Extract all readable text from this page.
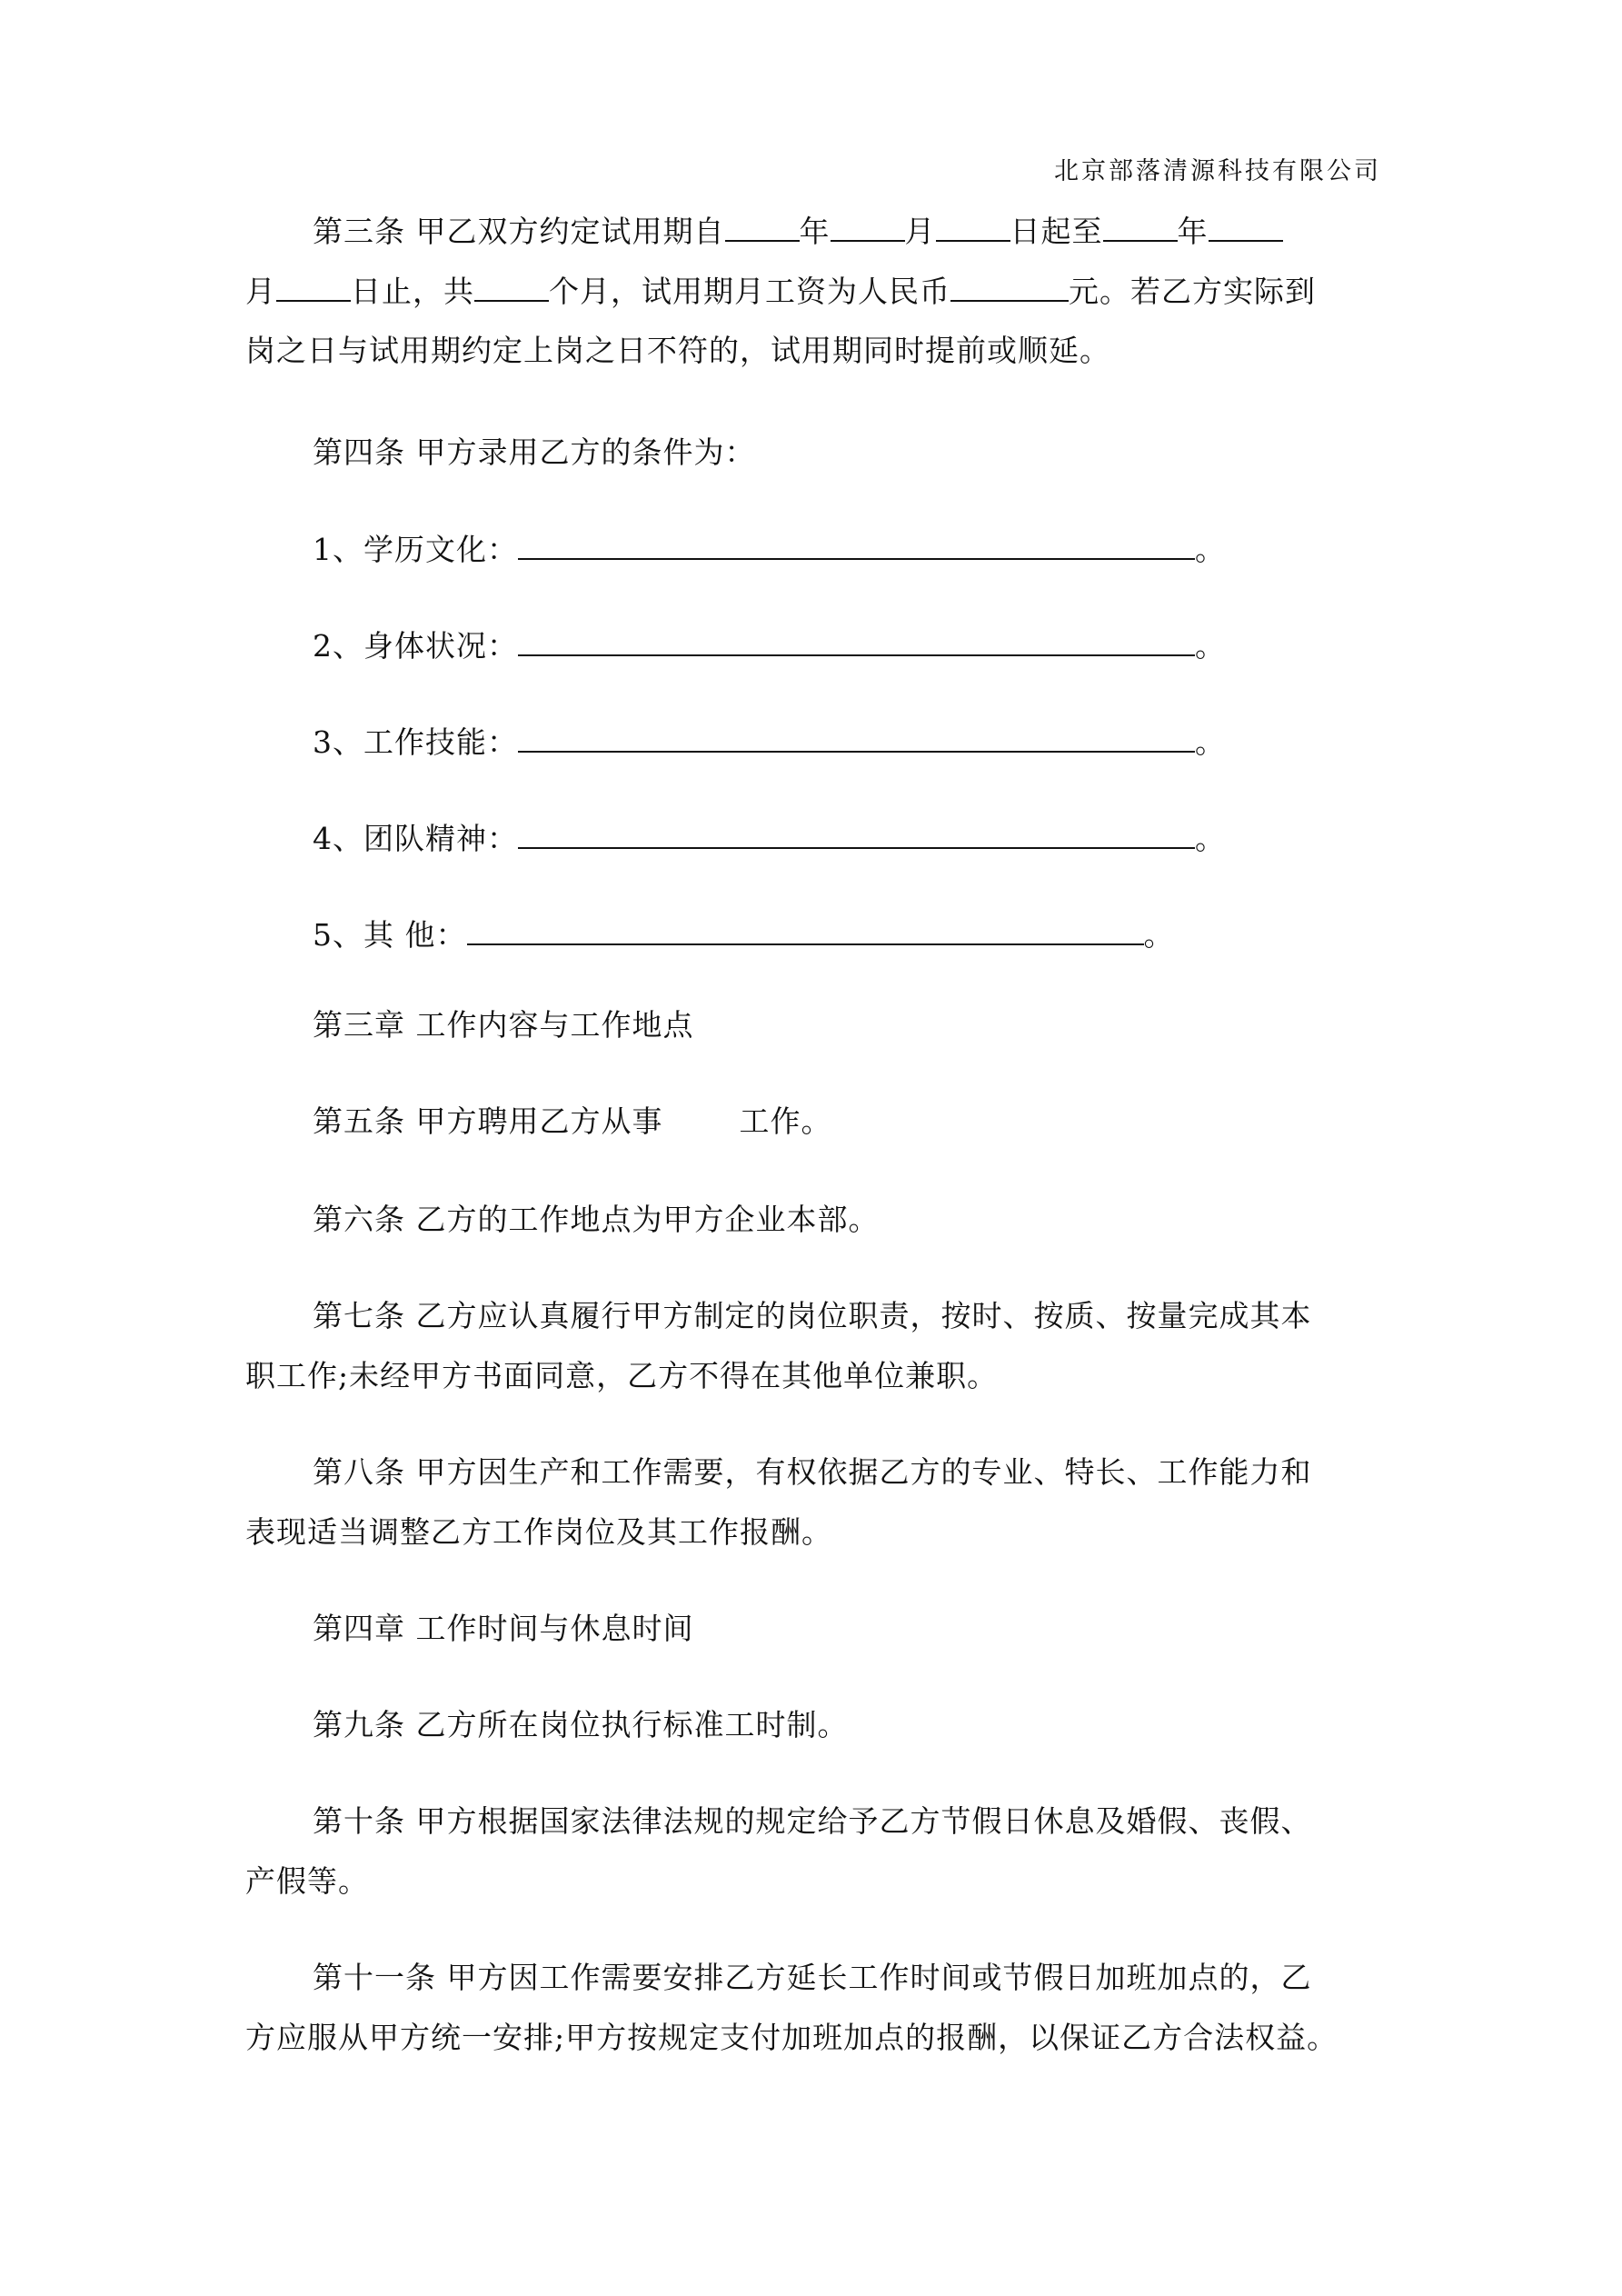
北京部落清源科技有限公司
第三条 甲乙双方约定试用期自 年 月 日起至 年
月 日止，共 个月，试用期月工资为人民币	元。若乙方实际到
岗之日与试用期约定上岗之日不符的，试用期同时提前或顺延。
第四条 甲方录用乙方的条件为：
1、学历文化：	。
2、身体状况：	。
3、工作技能：	。
4、团队精神：	。
5、其 他：	。
第三章 工作内容与工作地点
第五条 甲方聘用乙方从事	工作。
第六条 乙方的工作地点为甲方企业本部。
第七条 乙方应认真履行甲方制定的岗位职责，按时、按质、按量完成其本
职工作;未经甲方书面同意，乙方不得在其他单位兼职。
第八条 甲方因生产和工作需要，有权依据乙方的专业、特长、工作能力和
表现适当调整乙方工作岗位及其工作报酬。
第四章 工作时间与休息时间
第九条 乙方所在岗位执行标准工时制。
第十条 甲方根据国家法律法规的规定给予乙方节假日休息及婚假、丧假、
产假等。
第十一条 甲方因工作需要安排乙方延长工作时间或节假日加班加点的，乙
方应服从甲方统一安排;甲方按规定支付加班加点的报酬，以保证乙方合法权益。
